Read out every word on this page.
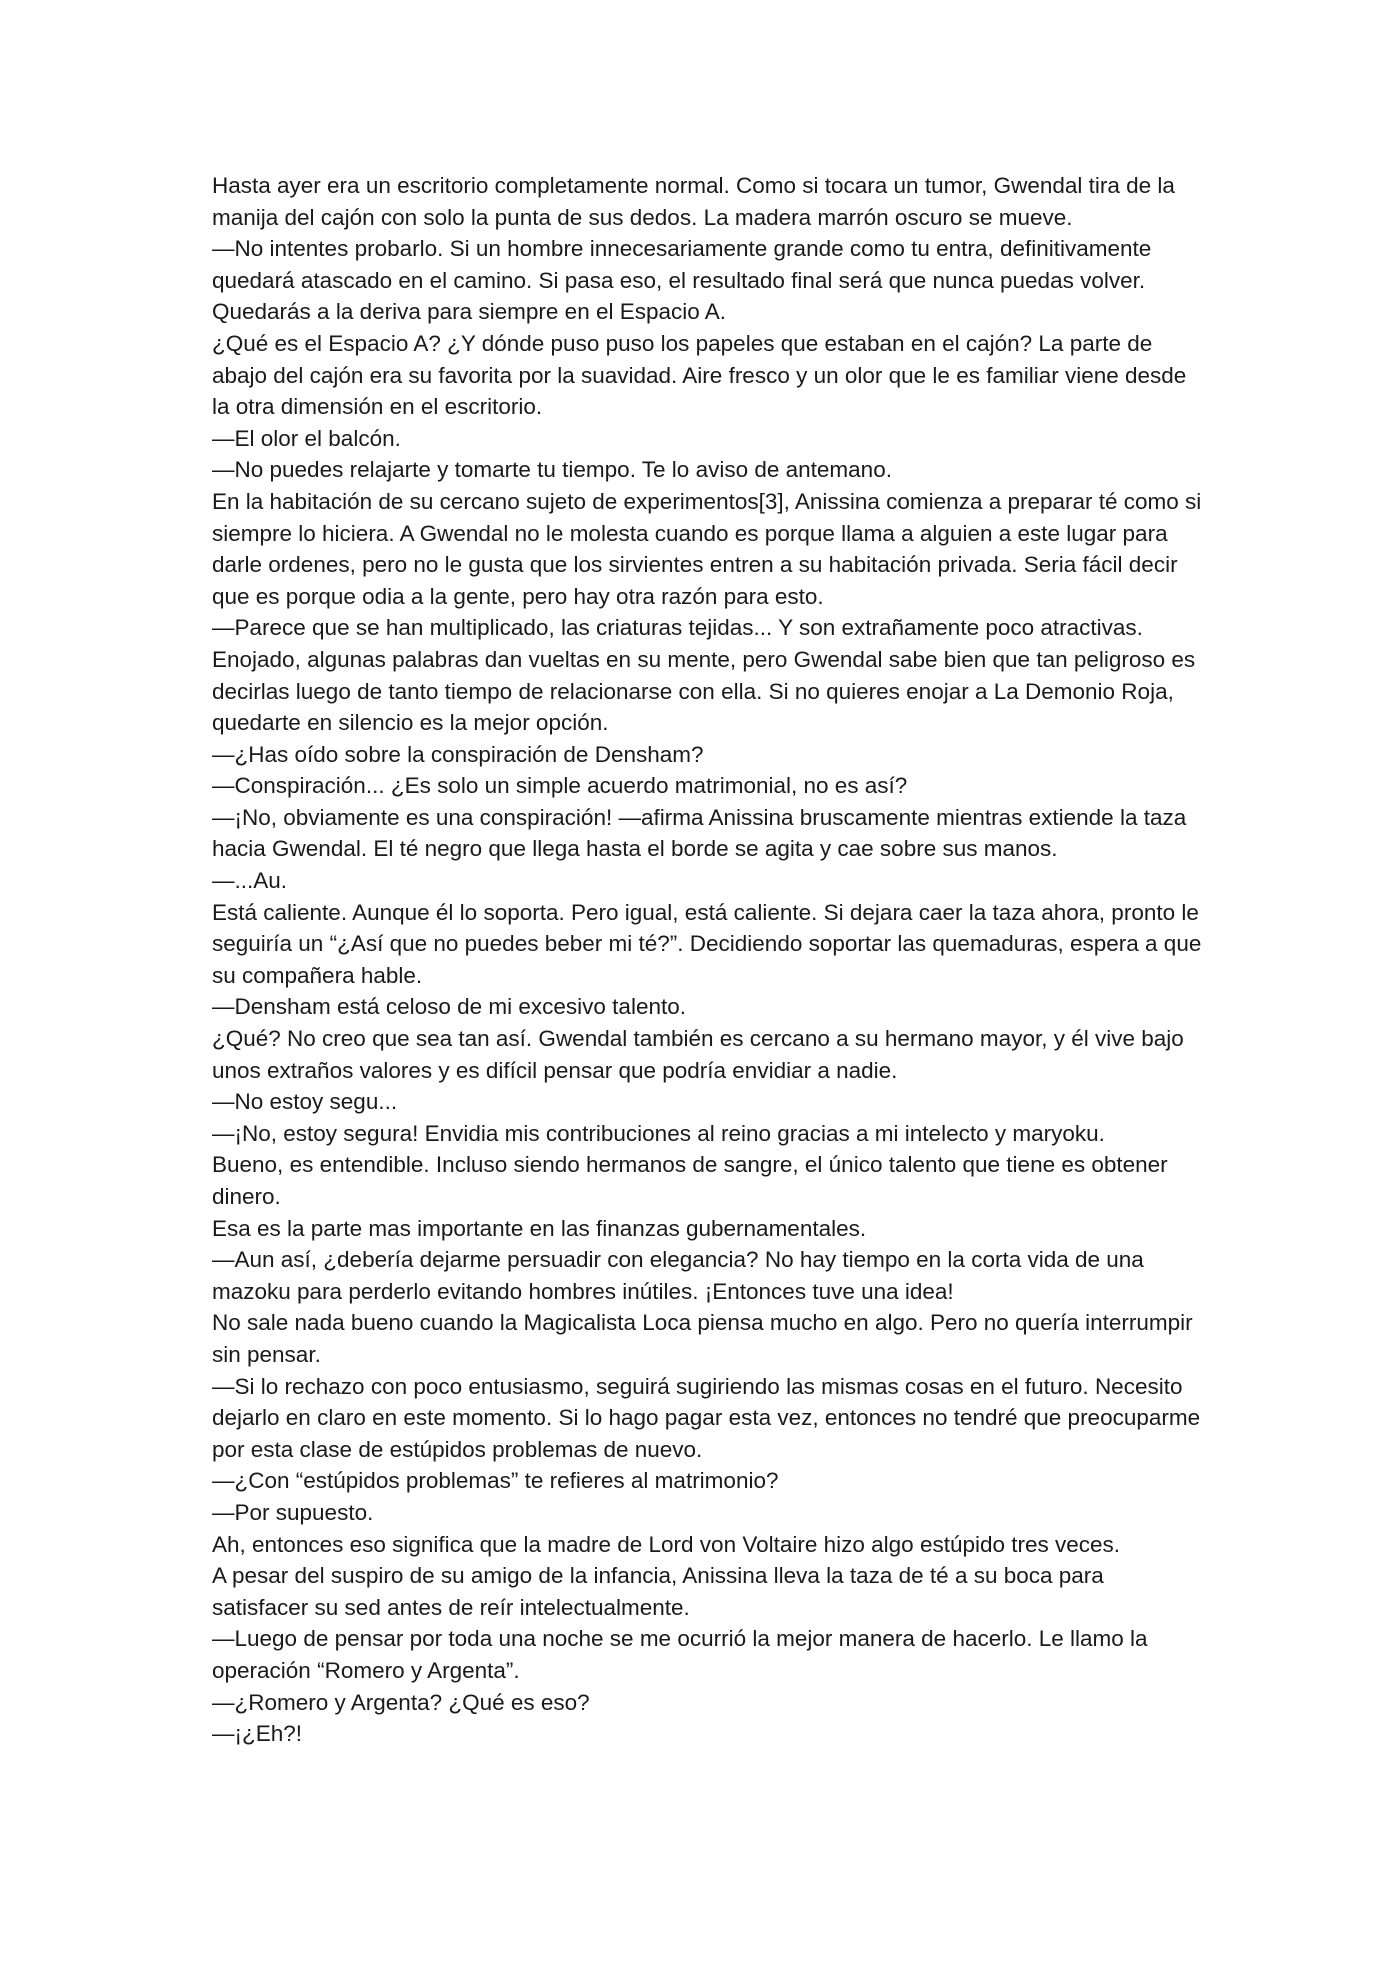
Hasta ayer era un escritorio completamente normal. Como si tocara un tumor, Gwendal tira de la manija del cajón con solo la punta de sus dedos. La madera marrón oscuro se mueve.

—No intentes probarlo. Si un hombre innecesariamente grande como tu entra, definitivamente quedará atascado en el camino. Si pasa eso, el resultado final será que nunca puedas volver. Quedarás a la deriva para siempre en el Espacio A.

¿Qué es el Espacio A? ¿Y dónde puso puso los papeles que estaban en el cajón? La parte de abajo del cajón era su favorita por la suavidad. Aire fresco y un olor que le es familiar viene desde la otra dimensión en el escritorio.

—El olor el balcón.

—No puedes relajarte y tomarte tu tiempo. Te lo aviso de antemano.

En la habitación de su cercano sujeto de experimentos[3], Anissina comienza a preparar té como si siempre lo hiciera. A Gwendal no le molesta cuando es porque llama a alguien a este lugar para darle ordenes, pero no le gusta que los sirvientes entren a su habitación privada. Seria fácil decir que es porque odia a la gente, pero hay otra razón para esto.

—Parece que se han multiplicado, las criaturas tejidas... Y son extrañamente poco atractivas.

Enojado, algunas palabras dan vueltas en su mente, pero Gwendal sabe bien que tan peligroso es decirlas luego de tanto tiempo de relacionarse con ella. Si no quieres enojar a La Demonio Roja, quedarte en silencio es la mejor opción.

—¿Has oído sobre la conspiración de Densham?

—Conspiración... ¿Es solo un simple acuerdo matrimonial, no es así?

—¡No, obviamente es una conspiración! —afirma Anissina bruscamente mientras extiende la taza hacia Gwendal. El té negro que llega hasta el borde se agita y cae sobre sus manos.

—...Au.

Está caliente. Aunque él lo soporta. Pero igual, está caliente. Si dejara caer la taza ahora, pronto le seguiría un “¿Así que no puedes beber mi té?”. Decidiendo soportar las quemaduras, espera a que su compañera hable.

—Densham está celoso de mi excesivo talento.

¿Qué? No creo que sea tan así. Gwendal también es cercano a su hermano mayor, y él vive bajo unos extraños valores y es difícil pensar que podría envidiar a nadie.

—No estoy segu...

—¡No, estoy segura! Envidia mis contribuciones al reino gracias a mi intelecto y maryoku.

Bueno, es entendible. Incluso siendo hermanos de sangre, el único talento que tiene es obtener dinero.

Esa es la parte mas importante en las finanzas gubernamentales.

—Aun así, ¿debería dejarme persuadir con elegancia? No hay tiempo en la corta vida de una mazoku para perderlo evitando hombres inútiles. ¡Entonces tuve una idea!

No sale nada bueno cuando la Magicalista Loca piensa mucho en algo. Pero no quería interrumpir sin pensar.

—Si lo rechazo con poco entusiasmo, seguirá sugiriendo las mismas cosas en el futuro. Necesito dejarlo en claro en este momento. Si lo hago pagar esta vez, entonces no tendré que preocuparme por esta clase de estúpidos problemas de nuevo.

—¿Con “estúpidos problemas” te refieres al matrimonio?

—Por supuesto.

Ah, entonces eso significa que la madre de Lord von Voltaire hizo algo estúpido tres veces.

A pesar del suspiro de su amigo de la infancia, Anissina lleva la taza de té a su boca para satisfacer su sed antes de reír intelectualmente.

—Luego de pensar por toda una noche se me ocurrió la mejor manera de hacerlo. Le llamo la operación “Romero y Argenta”.

—¿Romero y Argenta? ¿Qué es eso?

—¡¿Eh?!
